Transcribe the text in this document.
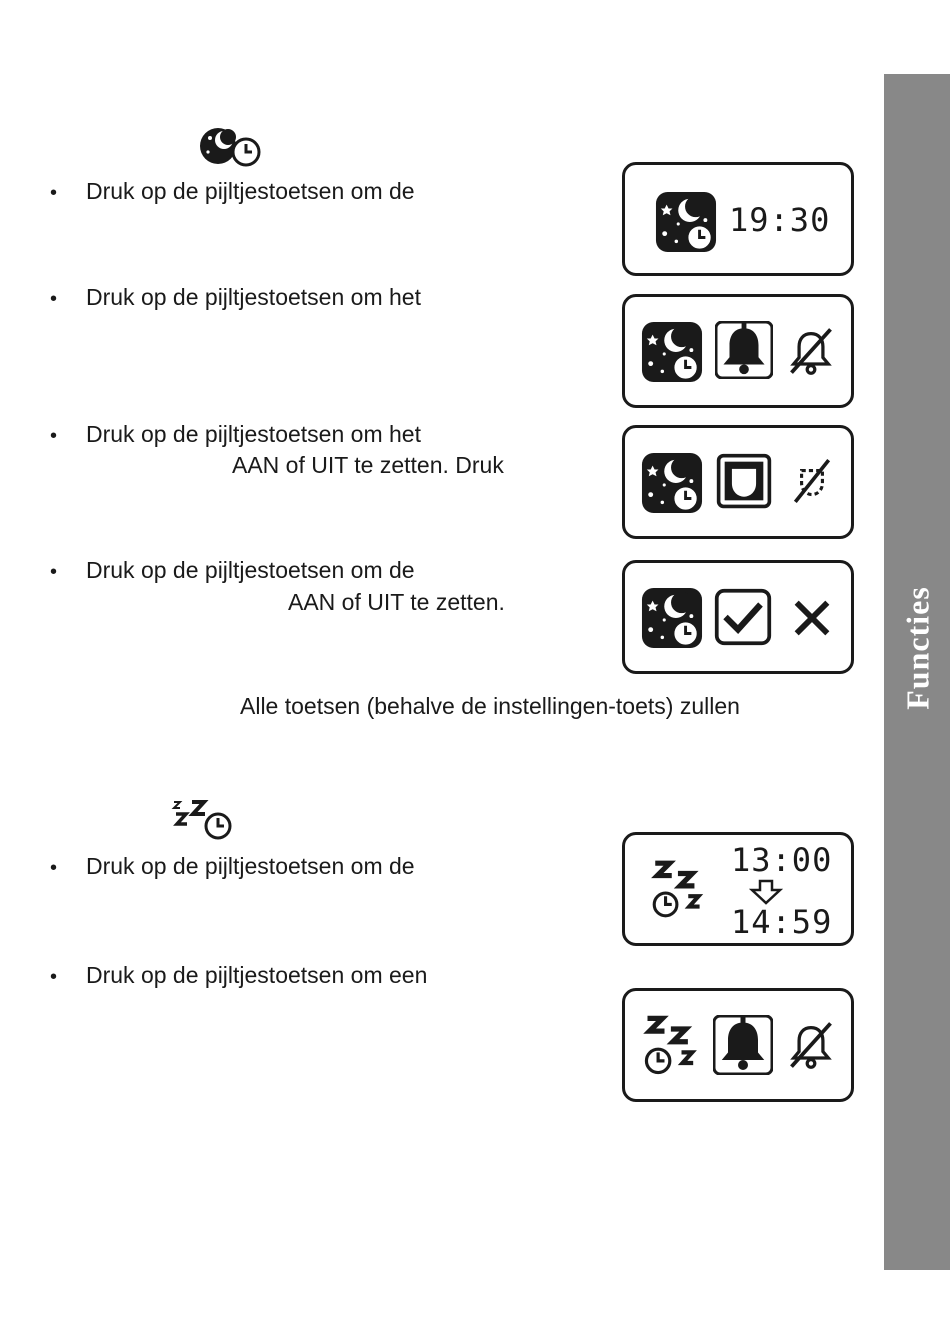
Functies
• Druk op de pijltjestoetsen om de
• Druk op de pijltjestoetsen om het
• Druk op de pijltjestoetsen om het
AAN of UIT te zetten. Druk
• Druk op de pijltjestoetsen om de
AAN of UIT te zetten.
Alle toetsen (behalve de instellingen-toets) zullen
19:30
• Druk op de pijltjestoetsen om de
• Druk op de pijltjestoetsen om een
13:00
14:59
